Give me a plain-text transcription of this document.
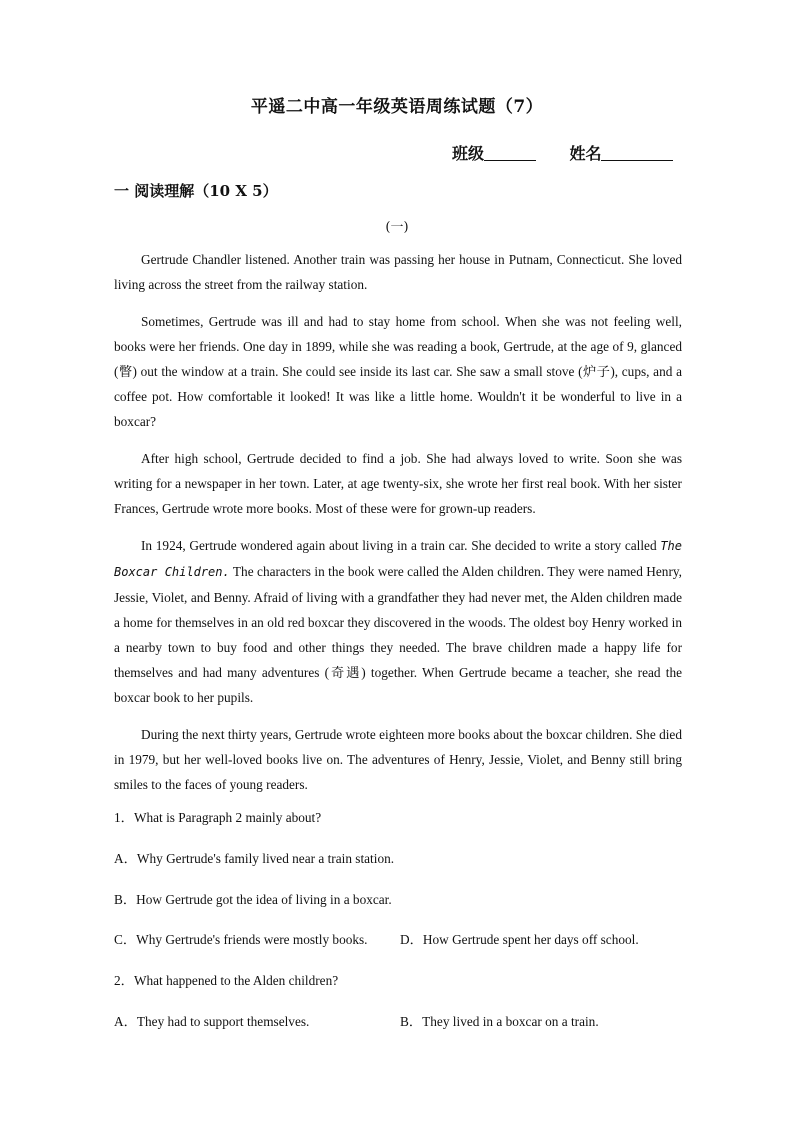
平遥二中高一年级英语周练试题（7）
班级	姓名
一 阅读理解（10 X 5）
(一)

Gertrude Chandler listened. Another train was passing her house in Putnam, Connecticut. She loved living across the street from the railway station.

Sometimes, Gertrude was ill and had to stay home from school. When she was not feeling well, books were her friends. One day in 1899, while she was reading a book, Gertrude, at the age of 9, glanced (瞥) out the window at a train. She could see inside its last car. She saw a small stove (炉子), cups, and a coffee pot. How comfortable it looked! It was like a little home. Wouldn't it be wonderful to live in a boxcar?

After high school, Gertrude decided to find a job. She had always loved to write. Soon she was writing for a newspaper in her town. Later, at age twenty-six, she wrote her first real book. With her sister Frances, Gertrude wrote more books. Most of these were for grown-up readers.

In 1924, Gertrude wondered again about living in a train car. She decided to write a story called The Boxcar Children. The characters in the book were called the Alden children. They were named Henry, Jessie, Violet, and Benny. Afraid of living with a grandfather they had never met, the Alden children made a home for themselves in an old red boxcar they discovered in the woods. The oldest boy Henry worked in a nearby town to buy food and other things they needed. The brave children made a happy life for themselves and had many adventures (奇遇) together. When Gertrude became a teacher, she read the boxcar book to her pupils.

During the next thirty years, Gertrude wrote eighteen more books about the boxcar children. She died in 1979, but her well-loved books live on. The adventures of Henry, Jessie, Violet, and Benny still bring smiles to the faces of young readers.

1．What is Paragraph 2 mainly about?
A．Why Gertrude's family lived near a train station.
B．How Gertrude got the idea of living in a boxcar.
C．Why Gertrude's friends were mostly books. D．How Gertrude spent her days off school.
2．What happened to the Alden children?
A．They had to support themselves.	B．They lived in a boxcar on a train.
